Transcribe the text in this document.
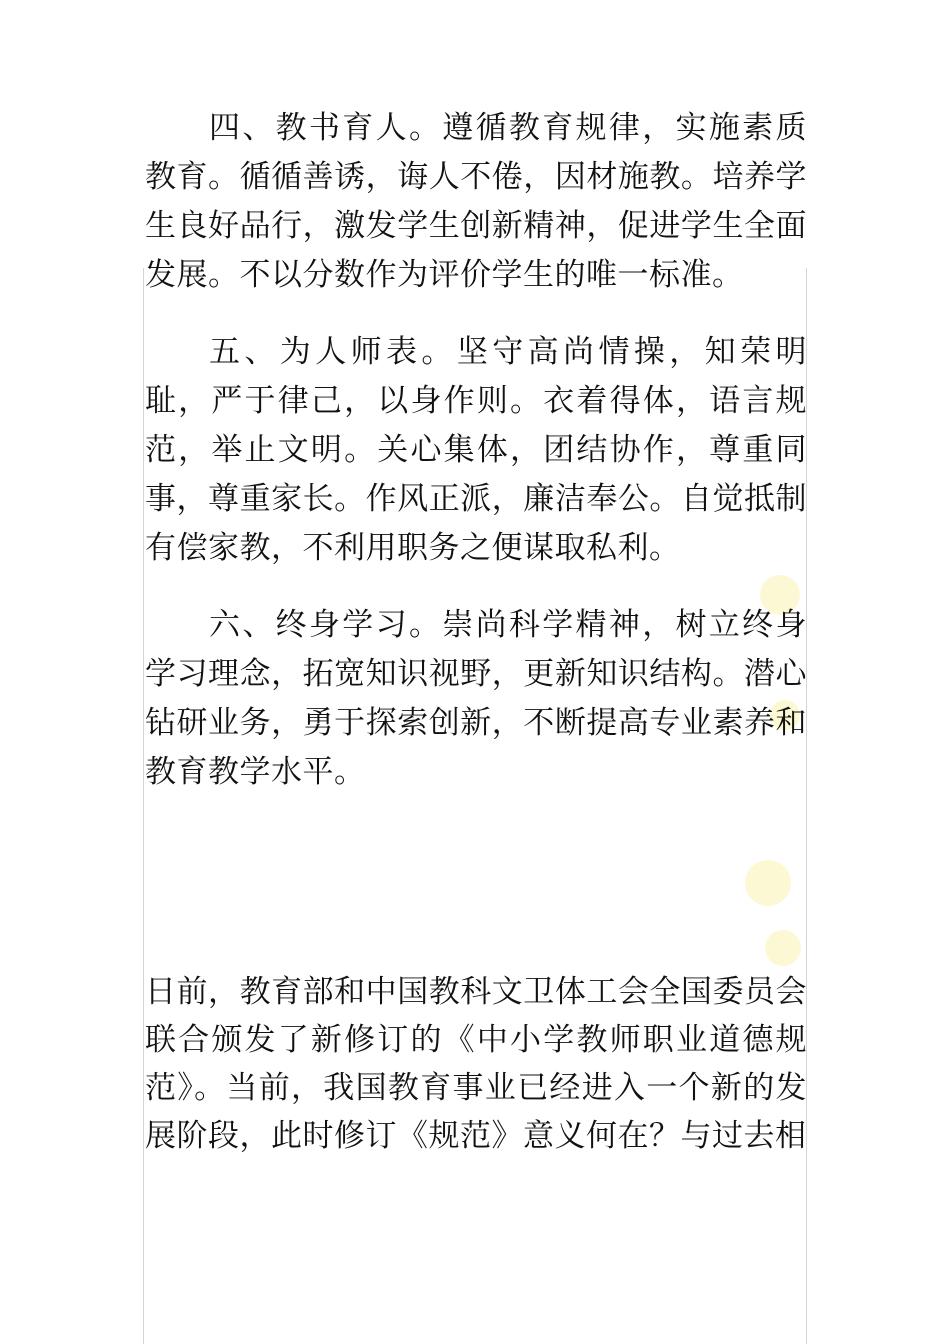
四、教书育人。遵循教育规律，实施素质教育。循循善诱，诲人不倦，因材施教。培养学生良好品行，激发学生创新精神，促进学生全面发展。不以分数作为评价学生的唯一标准。

五、为人师表。坚守高尚情操，知荣明耻，严于律己，以身作则。衣着得体，语言规范，举止文明。关心集体，团结协作，尊重同事，尊重家长。作风正派，廉洁奉公。自觉抵制有偿家教，不利用职务之便谋取私利。

六、终身学习。崇尚科学精神，树立终身学习理念，拓宽知识视野，更新知识结构。潜心钻研业务，勇于探索创新，不断提高专业素养和教育教学水平。

日前，教育部和中国教科文卫体工会全国委员会联合颁发了新修订的《中小学教师职业道德规范》。当前，我国教育事业已经进入一个新的发展阶段，此时修订《规范》意义何在？与过去相
